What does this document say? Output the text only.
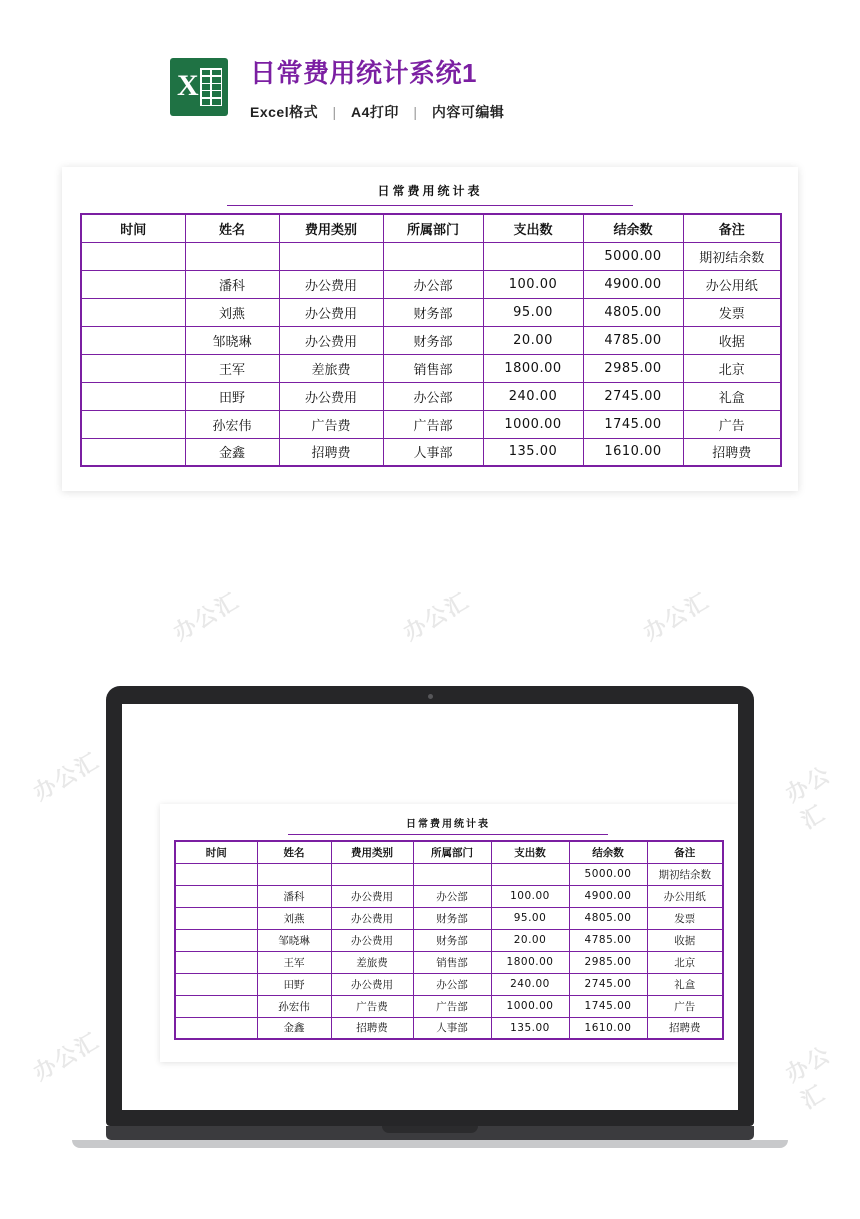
X 日常费用统计系统1
Excel格式 | A4打印 | 内容可编辑
日常费用统计表
时间	姓名	费用类别	所属部门	支出数	结余数	备注
					5000.00	期初结余数
	潘科	办公费用	办公部	100.00	4900.00	办公用纸
	刘燕	办公费用	财务部	95.00	4805.00	发票
	邹晓琳	办公费用	财务部	20.00	4785.00	收据
	王军	差旅费	销售部	1800.00	2985.00	北京
	田野	办公费用	办公部	240.00	2745.00	礼盒
	孙宏伟	广告费	广告部	1000.00	1745.00	广告
	金鑫	招聘费	人事部	135.00	1610.00	招聘费
办公汇	办公汇	办公汇
办公汇	办公汇
办公汇	办公汇
日常费用统计表
时间	姓名	费用类别	所属部门	支出数	结余数	备注
					5000.00	期初结余数
	潘科	办公费用	办公部	100.00	4900.00	办公用纸
	刘燕	办公费用	财务部	95.00	4805.00	发票
	邹晓琳	办公费用	财务部	20.00	4785.00	收据
	王军	差旅费	销售部	1800.00	2985.00	北京
	田野	办公费用	办公部	240.00	2745.00	礼盒
	孙宏伟	广告费	广告部	1000.00	1745.00	广告
	金鑫	招聘费	人事部	135.00	1610.00	招聘费
